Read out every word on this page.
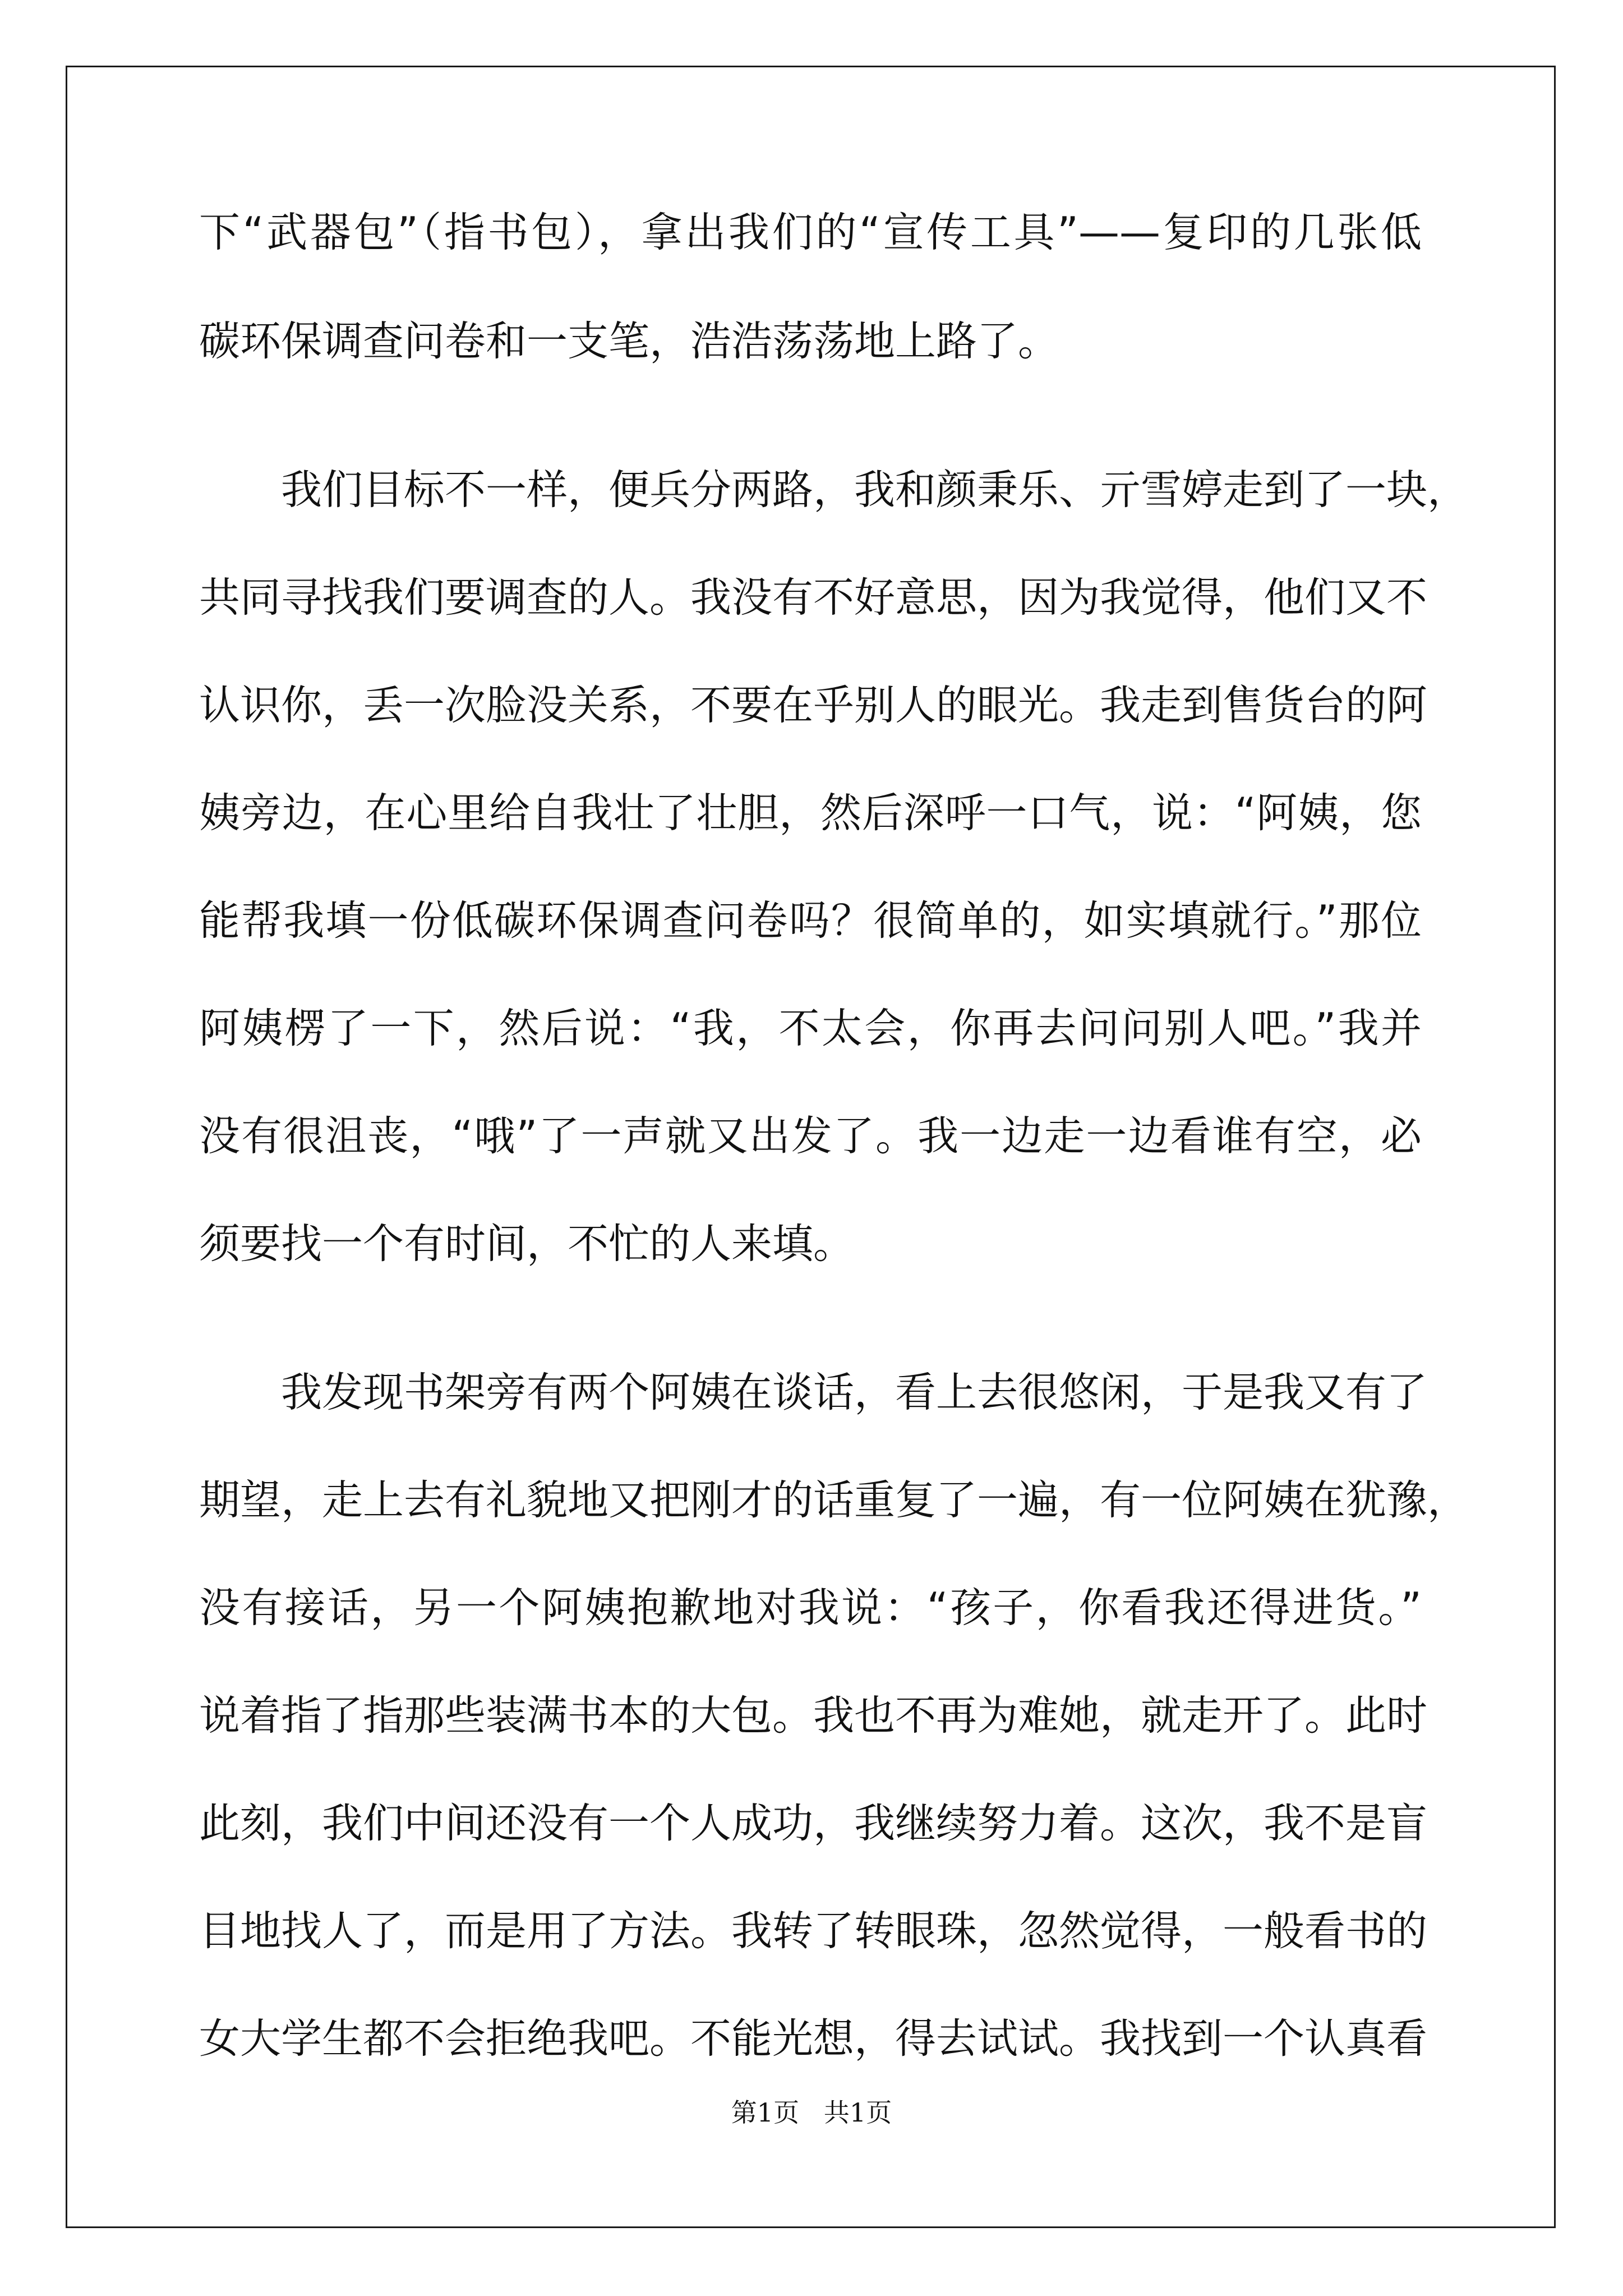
下“武器包”（指书包），拿出我们的“宣传工具”——复印的几张低
碳环保调查问卷和一支笔，浩浩荡荡地上路了。
我们目标不一样，便兵分两路，我和颜秉乐、亓雪婷走到了一块，
共同寻找我们要调查的人。我没有不好意思，因为我觉得，他们又不
认识你，丢一次脸没关系，不要在乎别人的眼光。我走到售货台的阿
姨旁边，在心里给自我壮了壮胆，然后深呼一口气，说：“阿姨，您
能帮我填一份低碳环保调查问卷吗？很简单的，如实填就行。”那位
阿姨楞了一下，然后说：“我，不太会，你再去问问别人吧。”我并
没有很沮丧，“哦”了一声就又出发了。我一边走一边看谁有空，必
须要找一个有时间，不忙的人来填。
我发现书架旁有两个阿姨在谈话，看上去很悠闲，于是我又有了
期望，走上去有礼貌地又把刚才的话重复了一遍，有一位阿姨在犹豫，
没有接话，另一个阿姨抱歉地对我说：“孩子，你看我还得进货。”
说着指了指那些装满书本的大包。我也不再为难她，就走开了。此时
此刻，我们中间还没有一个人成功，我继续努力着。这次，我不是盲
目地找人了，而是用了方法。我转了转眼珠，忽然觉得，一般看书的
女大学生都不会拒绝我吧。不能光想，得去试试。我找到一个认真看
第1页   共1页
